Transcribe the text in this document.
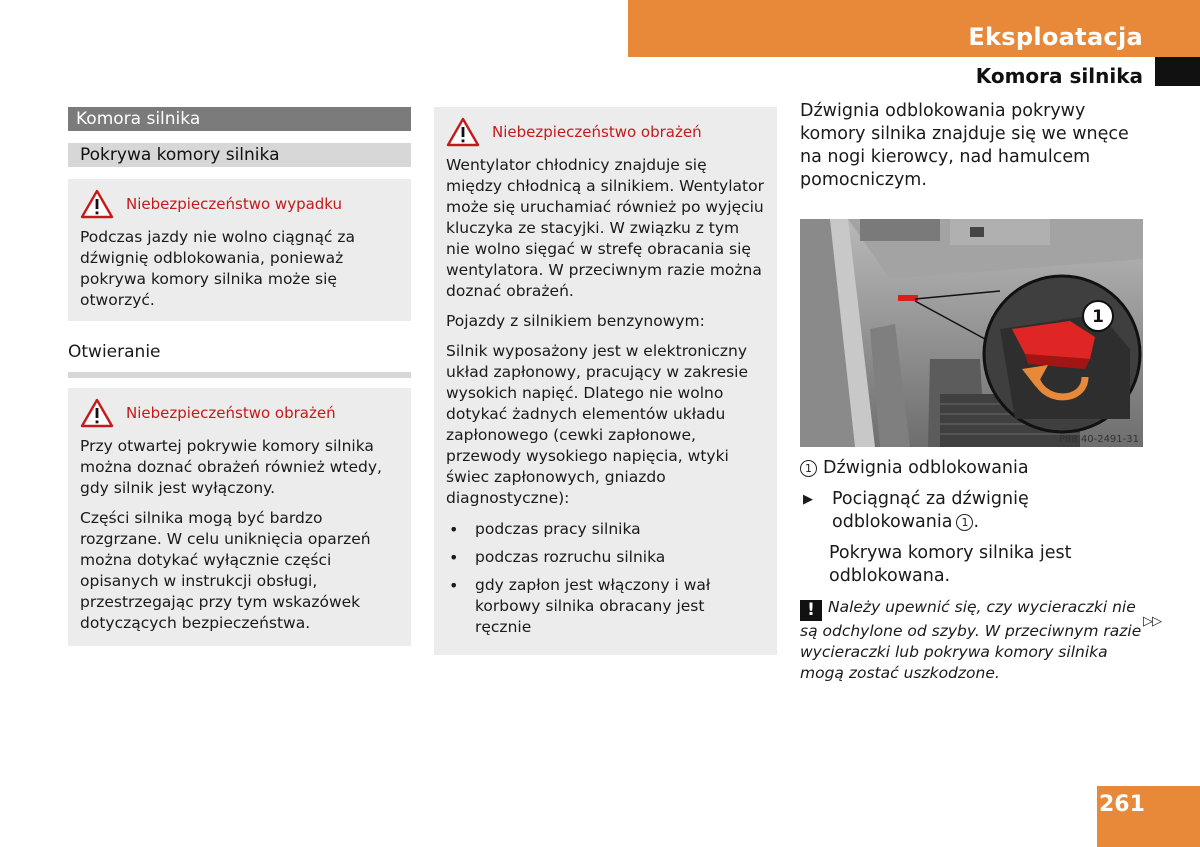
Eksploatacja
Komora silnika
Komora silnika
Pokrywa komory silnika
Niebezpieczeństwo wypadku

Podczas jazdy nie wolno ciągnąć za dźwignię odblokowania, ponieważ pokrywa komory silnika może się otworzyć.

Otwieranie
Niebezpieczeństwo obrażeń

Przy otwartej pokrywie komory silnika można doznać obrażeń również wtedy, gdy silnik jest wyłączony.

Części silnika mogą być bardzo rozgrzane. W celu uniknięcia oparzeń można dotykać wyłącznie części opisanych w instrukcji obsługi, przestrzegając przy tym wskazówek dotyczących bezpieczeństwa.

Niebezpieczeństwo obrażeń

Wentylator chłodnicy znajduje się między chłodnicą a silnikiem. Wentylator może się uruchamiać również po wyjęciu kluczyka ze stacyjki. W związku z tym nie wolno sięgać w strefę obracania się wentylatora. W przeciwnym razie można doznać obrażeń.

Pojazdy z silnikiem benzynowym:

Silnik wyposażony jest w elektroniczny układ zapłonowy, pracujący w zakresie wysokich napięć. Dlatego nie wolno dotykać żadnych elementów układu zapłonowego (cewki zapłonowe, przewody wysokiego napięcia, wtyki świec zapłonowych, gniazdo diagnostyczne):

• podczas pracy silnika
• podczas rozruchu silnika
• gdy zapłon jest włączony i wał korbowy silnika obracany jest ręcznie

Dźwignia odblokowania pokrywy komory silnika znajduje się we wnęce na nogi kierowcy, nad hamulcem pomocniczym.

1
P88.40-2491-31
1 Dźwignia odblokowania
▶	Pociągnąć za dźwignię odblokowania 1 .
Pokrywa komory silnika jest odblokowana.
! Należy upewnić się, czy wycieraczki nie są odchylone od szyby. W przeciwnym razie wycieraczki lub pokrywa komory silnika mogą zostać uszkodzone.
▷▷
261
